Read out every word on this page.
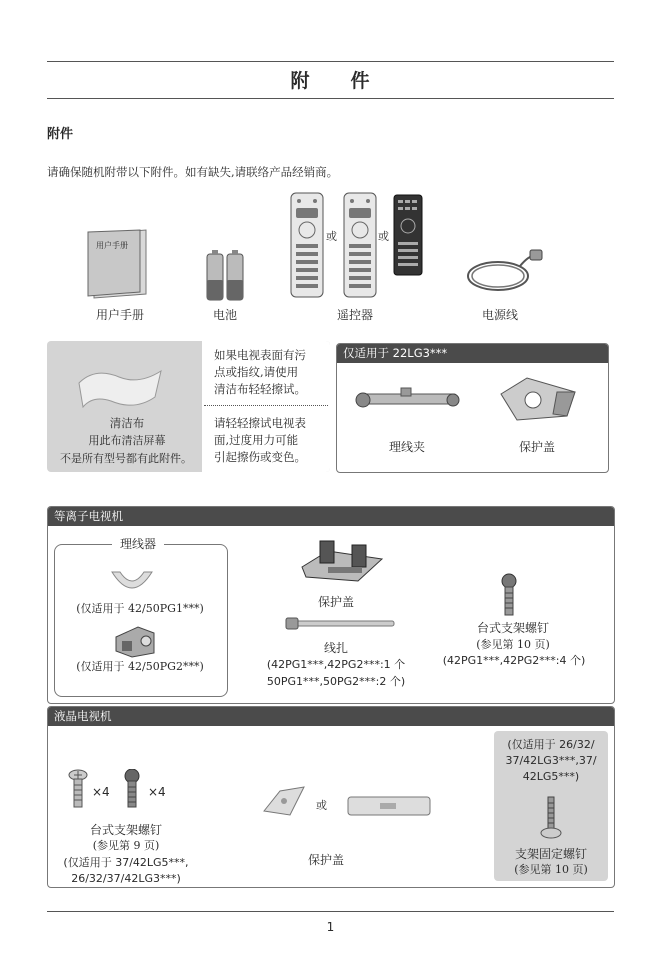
附　　件
附件
请确保随机附带以下附件。如有缺失,请联络产品经销商。
用户手册
用户手册	电池
或	或
遥控器	电源线
清洁布
用此布清洁屏幕
不是所有型号都有此附件。
如果电视表面有污
点或指纹,请使用
清洁布轻轻擦试。
请轻轻擦试电视表
面,过度用力可能
引起擦伤或变色。
仅适用于 22LG3***
理线夹	保护盖
等离子电视机
理线器
(仅适用于 42/50PG1***)
(仅适用于 42/50PG2***)
保护盖
线扎
(42PG1***,42PG2***:1 个
50PG1***,50PG2***:2 个)
台式支架螺钉
(参见第 10 页)
(42PG1***,42PG2***:4 个)
液晶电视机
×4	×4
台式支架螺钉
(参见第 9 页)
(仅适用于 37/42LG5***,
26/32/37/42LG3***)
或
保护盖
(仅适用于 26/32/
37/42LG3***,37/
42LG5***)
支架固定螺钉
(参见第 10 页)
1
